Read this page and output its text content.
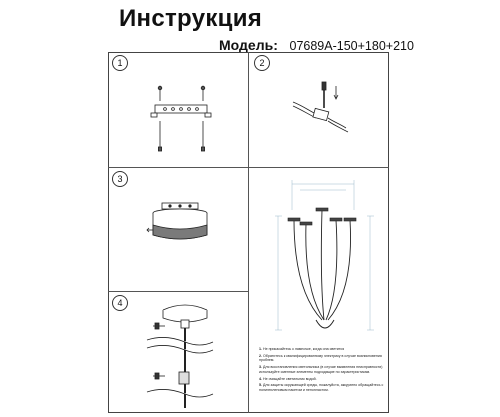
Инструкция
Модель: 07689A-150+180+210
1	2
3
4
1. Не прикасайтесь к лампочке, когда она светится
2. Обратитесь к квалифицированному электрику в случае возникновения проблем.
3. Для восстановления светильника (в случае выявления неисправности) используйте сменные элементы подходящие по характеристикам.
4. Не очищайте светильник водой.
5. Для защиты окружающей среды, пожалуйста, аккуратно обращайтесь с полиэтиленовым пакетом и пенопластом.
